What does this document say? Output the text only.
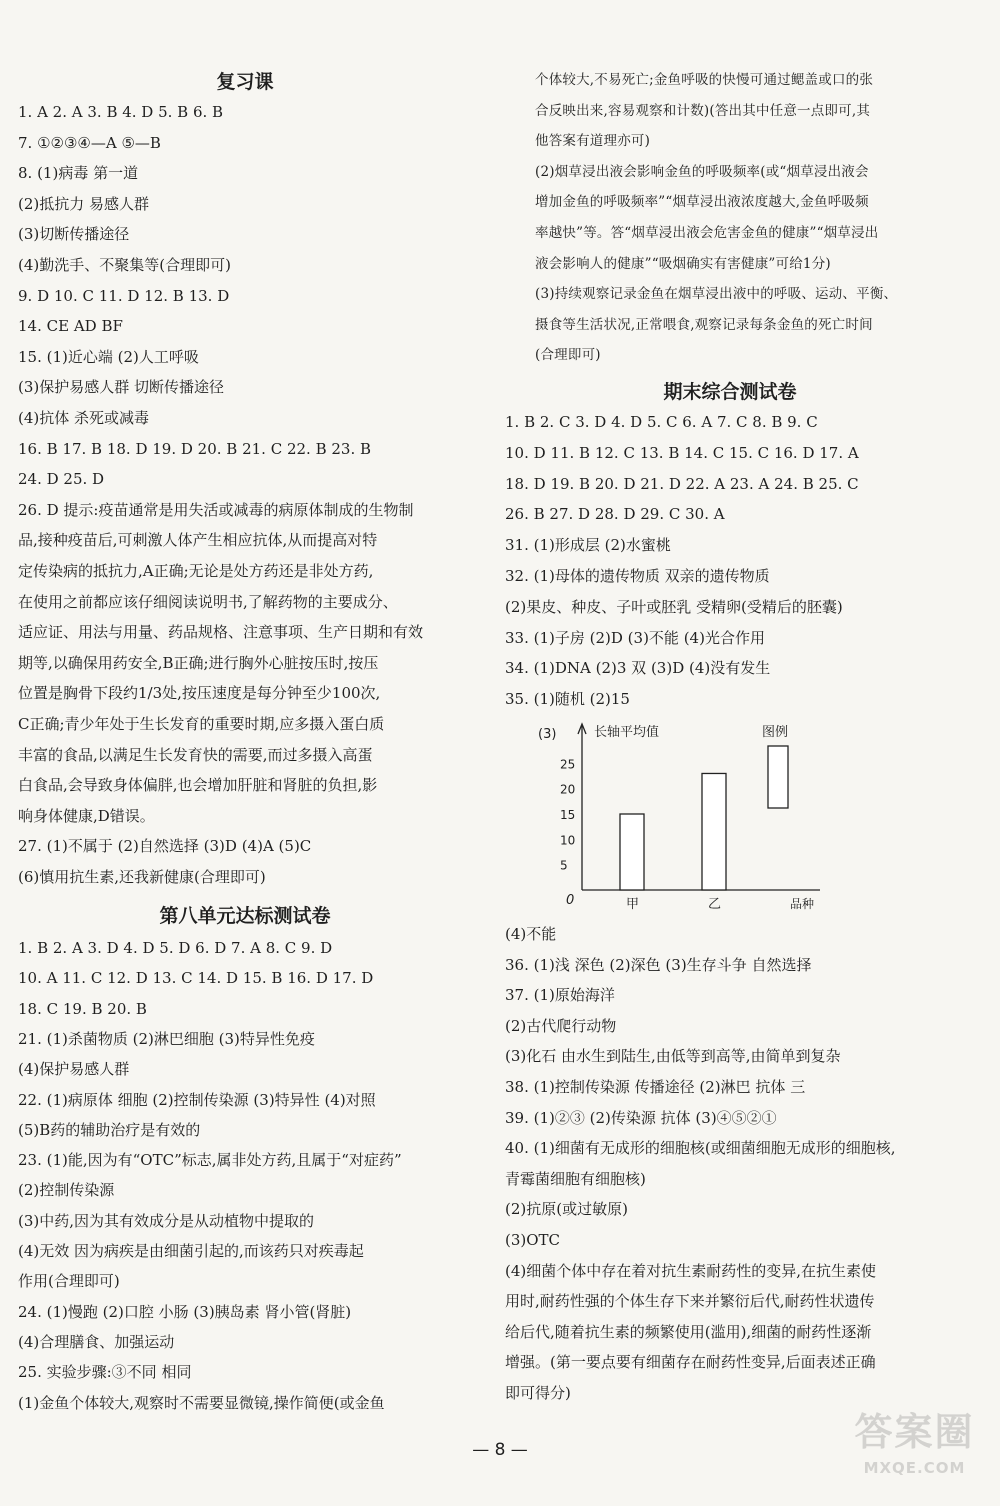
复习课
1. A 2. A 3. B 4. D 5. B 6. B
7. ①②③④—A ⑤—B
8. (1)病毒 第一道
(2)抵抗力 易感人群
(3)切断传播途径
(4)勤洗手、不聚集等(合理即可)
9. D 10. C 11. D 12. B 13. D
14. CE AD BF
15. (1)近心端 (2)人工呼吸
(3)保护易感人群 切断传播途径
(4)抗体 杀死或减毒
16. B 17. B 18. D 19. D 20. B 21. C 22. B 23. B
24. D 25. D
26. D 提示:疫苗通常是用失活或减毒的病原体制成的生物制
品,接种疫苗后,可刺激人体产生相应抗体,从而提高对特
定传染病的抵抗力,A正确;无论是处方药还是非处方药,
在使用之前都应该仔细阅读说明书,了解药物的主要成分、
适应证、用法与用量、药品规格、注意事项、生产日期和有效
期等,以确保用药安全,B正确;进行胸外心脏按压时,按压
位置是胸骨下段约1/3处,按压速度是每分钟至少100次,
C正确;青少年处于生长发育的重要时期,应多摄入蛋白质
丰富的食品,以满足生长发育快的需要,而过多摄入高蛋
白食品,会导致身体偏胖,也会增加肝脏和肾脏的负担,影
响身体健康,D错误。
27. (1)不属于 (2)自然选择 (3)D (4)A (5)C
(6)慎用抗生素,还我新健康(合理即可)
第八单元达标测试卷
1. B 2. A 3. D 4. D 5. D 6. D 7. A 8. C 9. D
10. A 11. C 12. D 13. C 14. D 15. B 16. D 17. D
18. C 19. B 20. B
21. (1)杀菌物质 (2)淋巴细胞 (3)特异性免疫
(4)保护易感人群
22. (1)病原体 细胞 (2)控制传染源 (3)特异性 (4)对照
(5)B药的辅助治疗是有效的
23. (1)能,因为有“OTC”标志,属非处方药,且属于“对症药”
(2)控制传染源
(3)中药,因为其有效成分是从动植物中提取的
(4)无效 因为病疾是由细菌引起的,而该药只对疾毒起
作用(合理即可)
24. (1)慢跑 (2)口腔 小肠 (3)胰岛素 肾小管(肾脏)
(4)合理膳食、加强运动
25. 实验步骤:③不同 相同
(1)金鱼个体较大,观察时不需要显微镜,操作简便(或金鱼
个体较大,不易死亡;金鱼呼吸的快慢可通过鳃盖或口的张
合反映出来,容易观察和计数)(答出其中任意一点即可,其
他答案有道理亦可)
(2)烟草浸出液会影响金鱼的呼吸频率(或“烟草浸出液会
增加金鱼的呼吸频率”“烟草浸出液浓度越大,金鱼呼吸频
率越快”等。答“烟草浸出液会危害金鱼的健康”“烟草浸出
液会影响人的健康”“吸烟确实有害健康”可给1分)
(3)持续观察记录金鱼在烟草浸出液中的呼吸、运动、平衡、
摄食等生活状况,正常喂食,观察记录每条金鱼的死亡时间
(合理即可)
期末综合测试卷
1. B 2. C 3. D 4. D 5. C 6. A 7. C 8. B 9. C
10. D 11. B 12. C 13. B 14. C 15. C 16. D 17. A
18. D 19. B 20. D 21. D 22. A 23. A 24. B 25. C
26. B 27. D 28. D 29. C 30. A
31. (1)形成层 (2)水蜜桃
32. (1)母体的遗传物质 双亲的遗传物质
(2)果皮、种皮、子叶或胚乳 受精卵(受精后的胚囊)
33. (1)子房 (2)D (3)不能 (4)光合作用
34. (1)DNA (2)3 双 (3)D (4)没有发生
35. (1)随机 (2)15
(3)	长轴平均值
0
5
10
15
20
25
甲	乙	品种
图例
(4)不能
36. (1)浅 深色 (2)深色 (3)生存斗争 自然选择
37. (1)原始海洋
(2)古代爬行动物
(3)化石 由水生到陆生,由低等到高等,由简单到复杂
38. (1)控制传染源 传播途径 (2)淋巴 抗体 三
39. (1)②③ (2)传染源 抗体 (3)④⑤②①
40. (1)细菌有无成形的细胞核(或细菌细胞无成形的细胞核,
青霉菌细胞有细胞核)
(2)抗原(或过敏原)
(3)OTC
(4)细菌个体中存在着对抗生素耐药性的变异,在抗生素使
用时,耐药性强的个体生存下来并繁衍后代,耐药性状遗传
给后代,随着抗生素的频繁使用(滥用),细菌的耐药性逐渐
增强。(第一要点要有细菌存在耐药性变异,后面表述正确
即可得分)
— 8 —	答案圈
MXQE.COM
